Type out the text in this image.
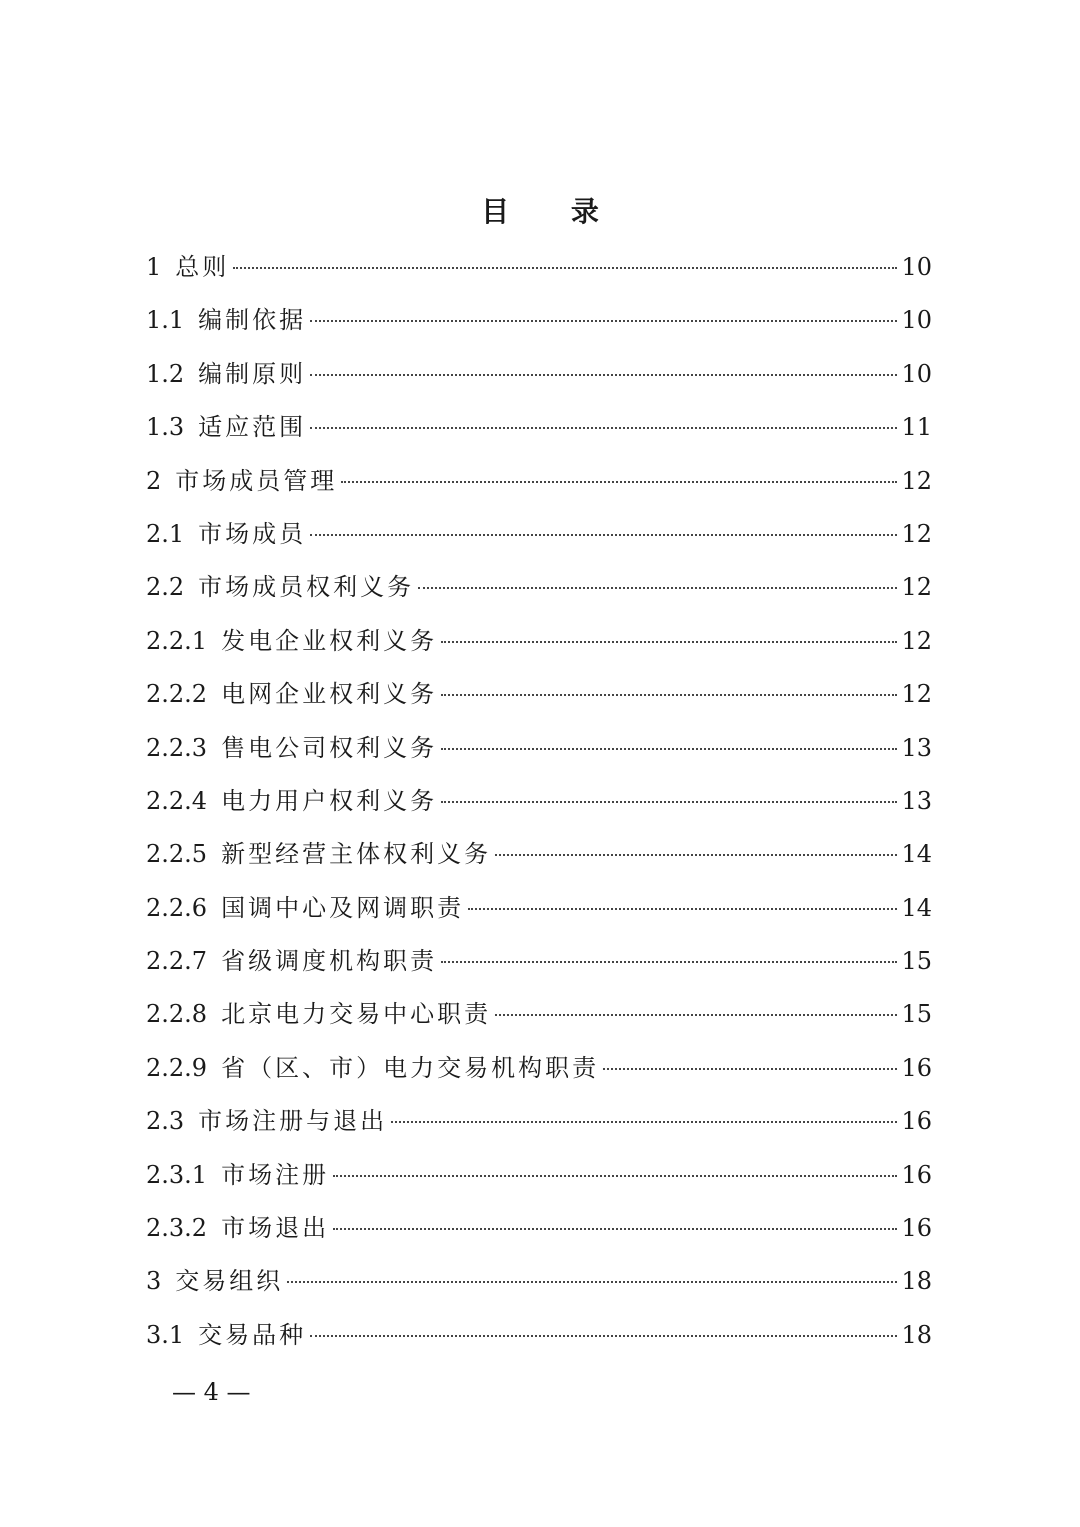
目 录
1 总则	10
1.1 编制依据	10
1.2 编制原则	10
1.3 适应范围	11
2 市场成员管理	12
2.1 市场成员	12
2.2 市场成员权利义务	12
2.2.1 发电企业权利义务	12
2.2.2 电网企业权利义务	12
2.2.3 售电公司权利义务	13
2.2.4 电力用户权利义务	13
2.2.5 新型经营主体权利义务	14
2.2.6 国调中心及网调职责	14
2.2.7 省级调度机构职责	15
2.2.8 北京电力交易中心职责	15
2.2.9 省（区、市）电力交易机构职责	16
2.3 市场注册与退出	16
2.3.1 市场注册	16
2.3.2 市场退出	16
3 交易组织	18
3.1 交易品种	18
— 4 —
